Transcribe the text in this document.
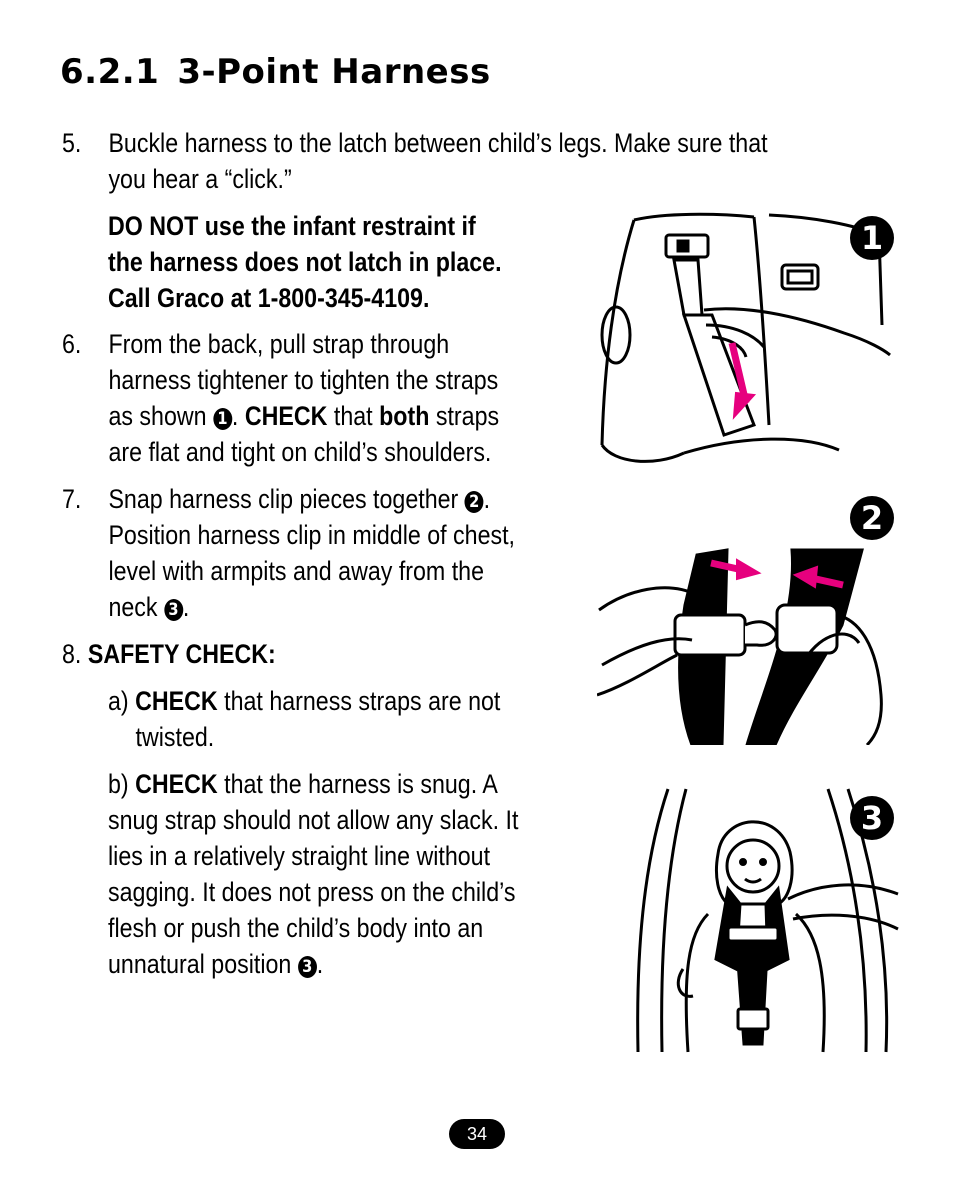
6.2.1 3-Point Harness
5. Buckle harness to the latch between child’s legs. Make sure that
you hear a “click.”
DO NOT use the infant restraint if
the harness does not latch in place.
Call Graco at 1-800-345-4109.
6. From the back, pull strap through
harness tightener to tighten the straps
as shown 1 . CHECK that both straps
are flat and tight on child’s shoulders.
7. Snap harness clip pieces together 2 .
Position harness clip in middle of chest,
level with armpits and away from the
neck 3 .
8. SAFETY CHECK:
a) CHECK that harness straps are not
twisted.
b) CHECK that the harness is snug. A
snug strap should not allow any slack. It
lies in a relatively straight line without
sagging. It does not press on the child’s
flesh or push the child’s body into an
unnatural position 3 .
1
2
3
34
